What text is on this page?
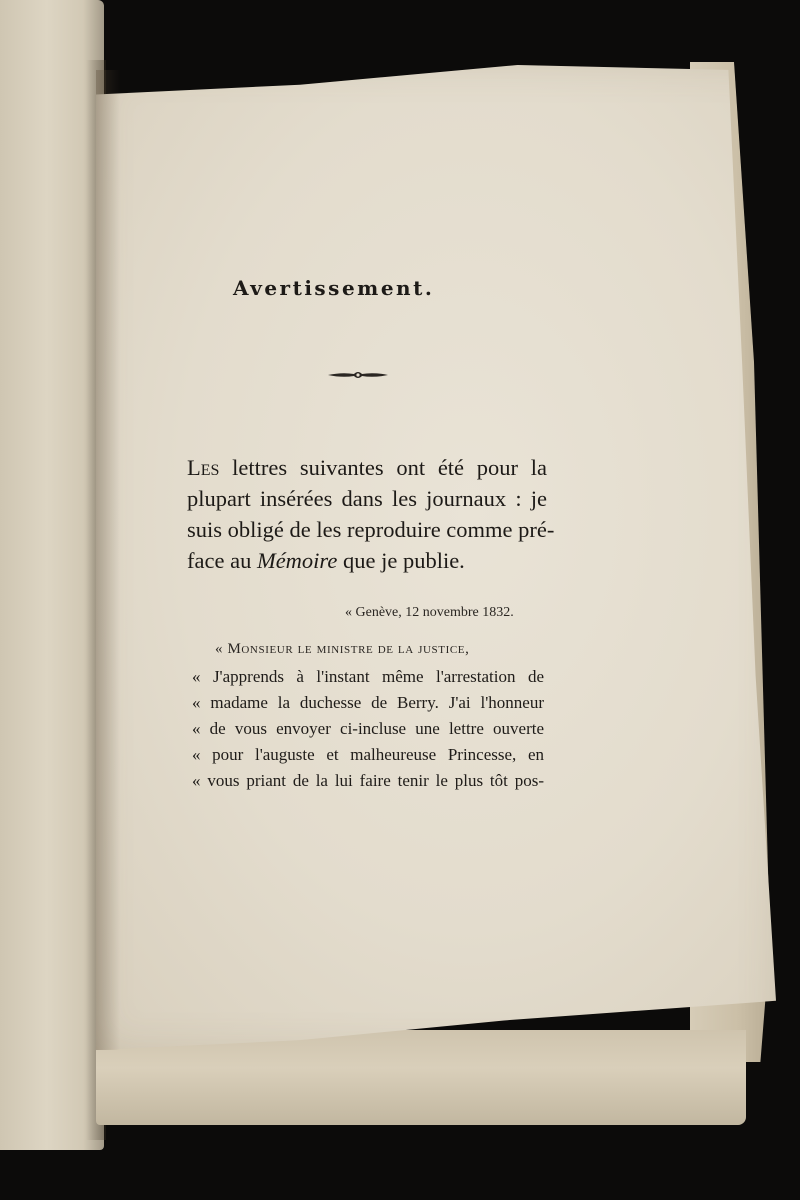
Avertissement.
Les lettres suivantes ont été pour la
plupart insérées dans les journaux : je
suis obligé de les reproduire comme pré-
face au Mémoire que je publie.
« Genève, 12 novembre 1832.
« Monsieur le ministre de la justice,
« J'apprends à l'instant même l'arrestation de
« madame la duchesse de Berry. J'ai l'honneur
« de vous envoyer ci-incluse une lettre ouverte
« pour l'auguste et malheureuse Princesse, en
« vous priant de la lui faire tenir le plus tôt pos-
